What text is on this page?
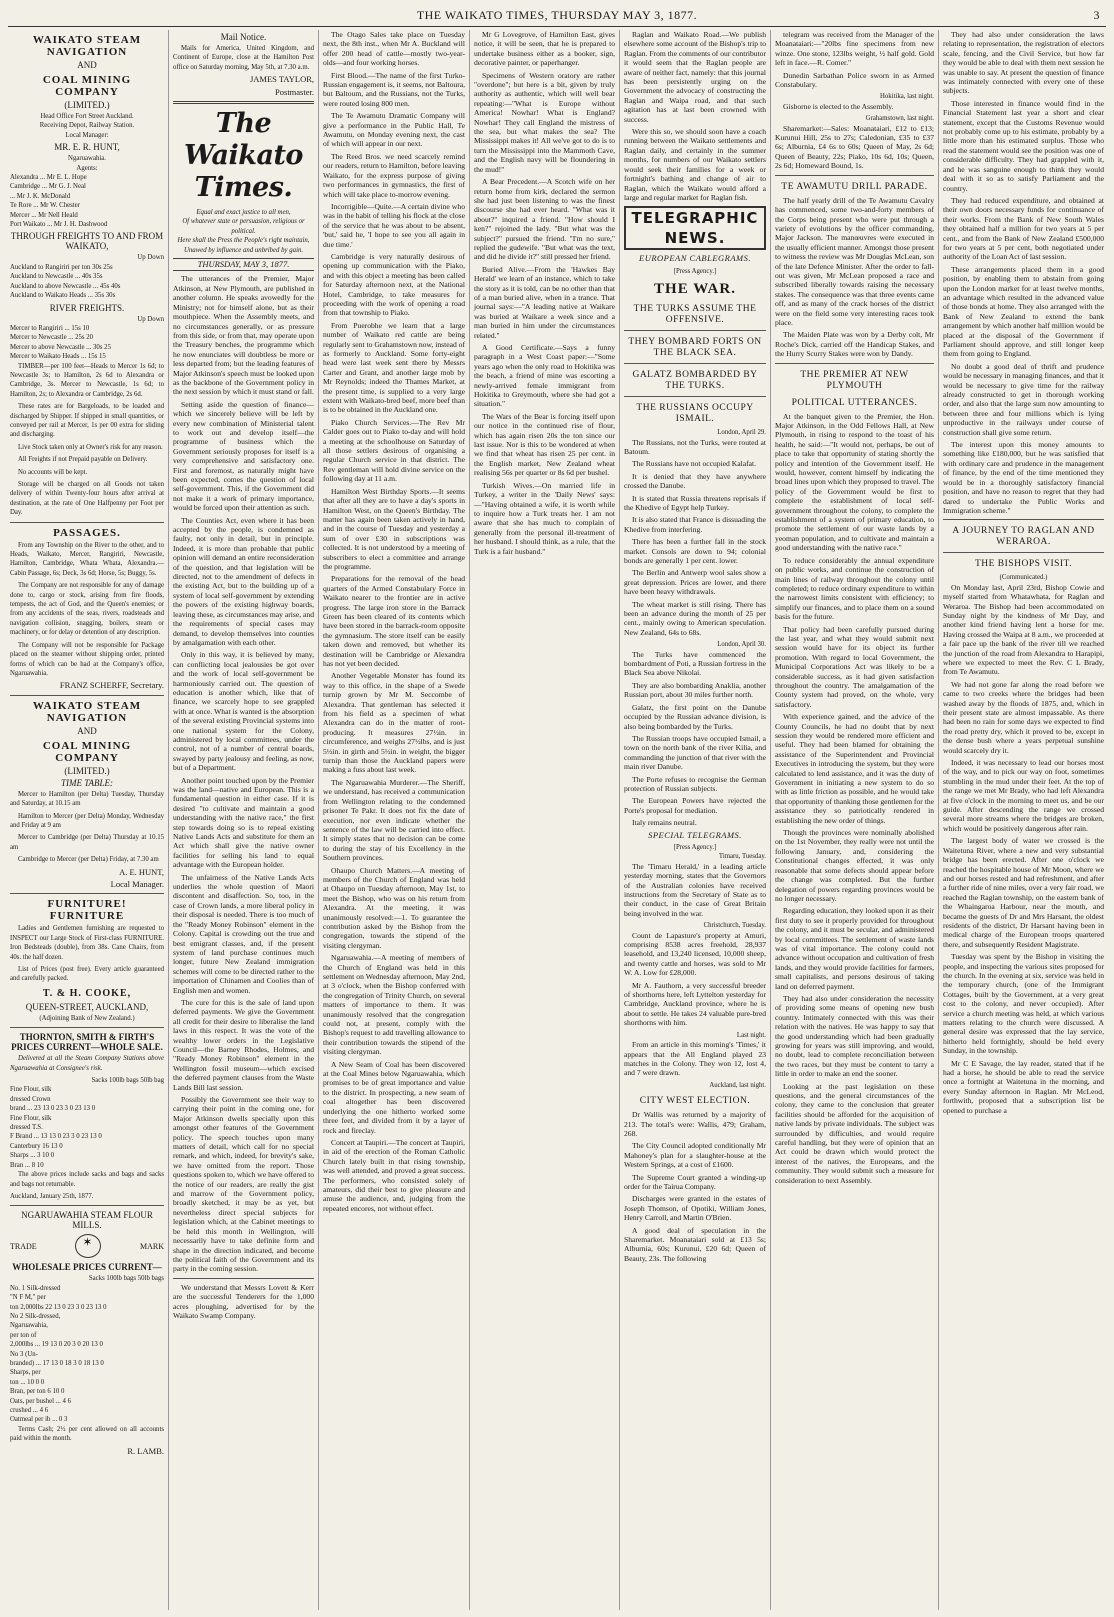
THE WAIKATO TIMES, THURSDAY MAY 3, 1877.	3
WAIKATO STEAM NAVIGATION
AND
COAL MINING COMPANY
(LIMITED.)
Head Office Fort Street Auckland.
Receiving Depot, Railway Station.
Local Manager:
MR. E. R. HUNT,
Ngaruawahia.
Agents:
Alexandra ... Mr E. L. Hope
Cambridge ... Mr G. J. Neal
... Mr J. K. McDonald
Te Rore ... Mr W. Chester
Mercer ... Mr Nell Heald
Port Waikato ... Mr J. H. Dashwood
THROUGH FREIGHTS TO AND FROM WAIKATO,
Up Down
Auckland to Rangiriri per ton 30s 25s
Auckland to Newcastle ... 40s 35s
Auckland to above Newcastle ... 45s 40s
Auckland to Waikato Heads ... 35s 30s
RIVER FREIGHTS.
Up Down
Mercer to Rangiriri ... 15s 10
Mercer to Newcastle ... 25s 20
Mercer to above Newcastle ... 30s 25
Mercer to Waikato Heads ... 15s 15

TIMBER—per 100 feet—Heads to Mercer 1s 6d; to Newcastle 3s; to Hamilton, 2s 6d to Alexandra or Cambridge, 3s. Mercer to Newcastle, 1s 6d; to Hamilton, 2s; to Alexandra or Cambridge, 2s 6d.

These rates are for Bargeloads, to be loaded and discharged by Shipper. If shipped in small quantities, or conveyed per rail at Mercer, 1s per 00 extra for sliding and discharging.

Live Stock taken only at Owner's risk for any reason.

All Freights if not Prepaid payable on Delivery.

No accounts will be kept.

Storage will be charged on all Goods not taken delivery of within Twenty-four hours after arrival at destination, at the rate of One Halfpenny per Foot per Day.

PASSAGES.

From any Township on the River to the other, and to Heads, Waikato, Mercer, Rangiriri, Newcastle, Hamilton, Cambridge, Whata Whata, Alexandra.—Cabin Passage, 6s; Deck, 3s 6d; Horse, 5s; Buggy, 5s.

The Company are not responsible for any of damage done to, cargo or stock, arising from fire floods, tempests, the act of God, and the Queen's enemies; or from any accidents of the seas, rivers, roadsteads and navigation collision, snagging, boilers, steam or machinery, or for delay or detention of any description.

The Company will not be responsible for Package placed on the steamer without shipping order, printed forms of which can be had at the Company's office, Ngaruawahia.

FRANZ SCHERFF, Secretary.
WAIKATO STEAM NAVIGATION
AND
COAL MINING COMPANY
(LIMITED.)
TIME TABLE:

Mercer to Hamilton (per Delta) Tuesday, Thursday and Saturday, at 10.15 am

Hamilton to Mercer (per Delta) Monday, Wednesday and Friday at 9 am

Mercer to Cambridge (per Delta) Thursday at 10.15 am

Cambridge to Mercer (per Delta) Friday, at 7.30 am

A. E. HUNT,
Local Manager.
FURNITURE! FURNITURE

Ladies and Gentlemen furnishing are requested to INSPECT our Large Stock of First-class FURNITURE. Iron Bedsteads (double), from 38s. Cane Chairs, from 40s. the half dozen.

List of Prices (post free). Every article guaranteed and carefully packed.

T. & H. COOKE,
QUEEN-STREET, AUCKLAND,
(Adjoining Bank of New Zealand.)
THORNTON, SMITH & FIRTH'S PRICES CURRENT—WHOLE SALE.

Delivered at all the Steam Company Stations above Ngaruawahia at Consignee's risk.

Sacks 100lb bags 50lb bag
Fine Flour, silk
dressed Crown
brand ... 23 13 0 23 3 0 23 13 0
Fine Flour, silk
dressed T.S.
F Brand ... 13 13 0 23 3 0 23 13 0
Canterbury 16 13 0
Sharps ... 3 10 0
Bran ... 8 10

The above prices include sacks and bags and sacks and bags not returnable.

Auckland, January 25th, 1877.
NGARUAWAHIA STEAM FLOUR MILLS.
TRADE
✶	MARK
WHOLESALE PRICES CURRENT—
Sacks 100lb bags 50lb bags
No. 1 Silk-dressed
"N F M," per
ton 2,000lbs 22 13 0 23 3 0 23 13 0
No 2 Silk-dressed,
Ngaruawahia,
per ton of
2,000lbs ... 19 13 0 20 3 0 20 13 0
No 3 (Un-
branded) ... 17 13 0 18 3 0 18 13 0
Sharps, per
ton ... 10 0 0
Bran, per ton 6 10 0
Oats, per bushel ... 4 6
crushed ... 4 6
Oatmeal per ib ... 0 3

Terms Cash; 2½ per cent allowed on all accounts paid within the month.

R. LAMB.
Mail Notice.

Mails for America, United Kingdom, and Continent of Europe, close at the Hamilton Post office on Saturday morning, May 5th, at 7.30 a.m.

JAMES TAYLOR,
Postmaster.
The Waikato Times.
Equal and exact justice to all men,
Of whatever state or persuasion, religious or political.
Here shall the Press the People's right maintain,
Unawed by influence and unbribed by gain.
THURSDAY, MAY 3, 1877.

The utterances of the Premier, Major Atkinson, at New Plymouth, are published in another column. He speaks avowedly for the Ministry; not for himself alone, but as their mouthpiece. When the Assembly meets, and no circumstances generally, or as pressure from this side, or from that, may operate upon the Treasury benches, the programme which he now enunciates will doubtless be more or less departed from; but the leading features of Major Atkinson's speech must be looked upon as the backbone of the Government policy in the next session by which it must stand or fall.

Setting aside the question of finance—which we sincerely believe will be left by every new combination of Ministerial talent to work out and develop itself—the programme of business which the Government seriously proposes for itself is a very comprehensive and satisfactory one. First and foremost, as naturally might have been expected, comes the question of local self-government. This, if the Government did not make it a work of primary importance, would be forced upon their attention as such.

The Counties Act, even where it has been accepted by the people, is condemned as faulty, not only in detail, but in principle. Indeed, it is more than probable that public opinion will demand an entire reconsideration of the question, and that legislation will be directed, not to the amendment of defects in the existing Act, but to the building up of a system of local self-government by extending the powers of the existing highway boards, leaving these, as circumstances may arise, and the requirements of special cases may demand, to develop themselves into counties by amalgamation with each other.

Only in this way, it is believed by many, can conflicting local jealousies be got over and the work of local self-government be harmoniously carried out. The question of education is another which, like that of finance, we scarcely hope to see grappled with at once. What is wanted is the absorption of the several existing Provincial systems into one national system for the Colony, administered by local committees, under the control, not of a number of central boards, swayed by party jealousy and feeling, as now, but of a Department.

Another point touched upon by the Premier was the land—native and European. This is a fundamental question in either case. If it is desired "to cultivate and maintain a good understanding with the native race," the first step towards doing so is to repeal existing Native Lands Acts and substitute for them an Act which shall give the native owner facilities for selling his land to equal advantage with the European holder.

The unfairness of the Native Lands Acts underlies the whole question of Maori discontent and disaffection. So, too, in the case of Crown lands, a more liberal policy in their disposal is needed. There is too much of the "Ready Money Robinson" element in the Colony. Capital is crowding out the true and best emigrant classes, and, if the present system of land purchase continues much longer, future New Zealand immigration schemes will come to be directed rather to the importation of Chinamen and Coolies than of English men and women.

The cure for this is the sale of land upon deferred payments. We give the Government all credit for their desire to liberalise the land laws in this respect. It was the vote of the wealthy lower orders in the Legislative Council—the Barney Rhodes, Holmes, and "Ready Money Robinson" element in the Wellington fossil museum—which excised the deferred payment clauses from the Waste Lands Bill last session.

Possibly the Government see their way to carrying their point in the coming one, for Major Atkinson dwells specially upon this amongst other features of the Government policy. The speech touches upon many matters of detail, which call for no special remark, and which, indeed, for brevity's sake, we have omitted from the report. Those questions spoken to, which we have offered to the notice of our readers, are really the gist and marrow of the Government policy, broadly sketched, it may be as yet, but nevertheless direct special subjects for legislation which, at the Cabinet meetings to be held this month in Wellington, will necessarily have to take definite form and shape in the direction indicated, and become the political faith of the Government and its party in the coming session.

We understand that Messrs Lovett & Kerr are the successful Tenderers for the 1,000 acres ploughing, advertised for by the Waikato Swamp Company.

The Otago Sales take place on Tuesday next, the 8th inst., when Mr A. Buckland will offer 200 head of cattle—mostly two-year-olds—and four working horses.

First Blood.—The name of the first Turko-Russian engagement is, it seems, not Baltoura, but Baltoum, and the Russians, not the Turks, were routed losing 800 men.

The Te Awamutu Dramatic Company will give a performance in the Public Hall, Te Awamutu, on Monday evening next, the cast of which will appear in our next.

The Reed Bros. we need scarcely remind our readers, return to Hamilton, before leaving Waikato, for the express purpose of giving two performances in gymnastics, the first of which will take place to-morrow evening.

Incorrigible—Quite.—A certain divine who was in the habit of telling his flock at the close of the service that he was about to be absent, 'but,' said he, 'I hope to see you all again in due time.'

Cambridge is very naturally desirous of opening up communication with the Piako, and with this object a meeting has been called for Saturday afternoon next, at the National Hotel, Cambridge, to take measures for proceeding with the work of opening a road from that township to Piako.

From Puerobhe we learn that a large number of Waikato red cattle are being regularly sent to Grahamstown now, instead of as formerly to Auckland. Some forty-eight head were last week sent there by Messrs Carter and Grant, and another large mob by Mr Reynolds; indeed the Thames Market, at the present time, is supplied to a very large extent with Waikato-bred beef, more beef than is to be obtained in the Auckland one.

Piako Church Services.—The Rev Mr Calder goes out to Piako to-day and will hold a meeting at the schoolhouse on Saturday of all those settlers desirous of organising a regular Church service in that district. The Rev gentleman will hold divine service on the following day at 11 a.m.

Hamilton West Birthday Sports.—It seems that after all they are to have a day's sports in Hamilton West, on the Queen's Birthday. The matter has again been taken actively in hand, and in the course of Tuesday and yesterday a sum of over £30 in subscriptions was collected. It is not understood by a meeting of subscribers to elect a committee and arrange the programme.

Preparations for the removal of the head quarters of the Armed Constabulary Force in Waikato nearer to the frontier are in active progress. The large iron store in the Barrack Green has been cleared of its contents which have been stored in the barrack-room opposite the gymnasium. The store itself can be easily taken down and removed, but whether its destination will be Cambridge or Alexandra has not yet been decided.

Another Vegetable Monster has found its way to this office, in the shape of a Swede turnip grown by Mr M. Seccombe of Alexandra. That gentleman has selected it from his field as a specimen of what Alexandra can do in the matter of root-producing. It measures 27½in. in circumference, and weighs 27½lbs, and is just 5½in. in girth and 5½in. in weight, the bigger turnip than those the Auckland papers were making a fuss about last week.

The Ngaruawahia Murderer.—The Sheriff, we understand, has received a communication from Wellington relating to the condemned prisoner Te Pakr. It does not fix the date of execution, nor even indicate whether the sentence of the law will be carried into effect. It simply states that no decision can be come to during the stay of his Excellency in the Southern provinces.

Ohaupo Church Matters.—A meeting of members of the Church of England was held at Ohaupo on Tuesday afternoon, May 1st, to meet the Bishop, who was on his return from Alexandra. At the meeting, it was unanimously resolved:—1. To guarantee the contribution asked by the Bishop from the congregation, towards the stipend of the visiting clergyman.

Ngaruawahia.—A meeting of members of the Church of England was held in this settlement on Wednesday afternoon, May 2nd, at 3 o'clock, when the Bishop conferred with the congregation of Trinity Church, on several matters of importance to them. It was unanimously resolved that the congregation could not, at present, comply with the Bishop's request to add travelling allowance to their contribution towards the stipend of the visiting clergyman.

A New Seam of Coal has been discovered at the Coal Mines below Ngaruawahia, which promises to be of great importance and value to the district. In prospecting, a new seam of coal altogether has been discovered underlying the one hitherto worked some three feet, and divided from it by a layer of rock and fireclay.

Concert at Taupiri.—The concert at Taupiri, in aid of the erection of the Roman Catholic Church lately built in that rising township, was well attended, and proved a great success. The performers, who consisted solely of amateurs, did their best to give pleasure and amuse the audience, and, judging from the repeated encores, not without effect.

Mr G Lovegrove, of Hamilton East, gives notice, it will be seen, that he is prepared to undertake business either as a booker, sign, decorative painter, or paperhanger.

Specimens of Western oratory are rather "overdone"; but here is a bit, given by truly authority as authentic, which will well bear repeating:—"What is Europe without America! Nowhar! What is England? Nowhar! They call England the mistress of the sea, but what makes the sea? The Mississippi makes it! All we've got to do is to turn the Mississippi into the Mammoth Cave, and the English navy will be floundering in the mud!"

A Bear Precedent.—A Scotch wife on her return home from kirk, declared the sermon she had just been listening to was the finest discourse she had ever heard. "What was it about?" inquired a friend. "How should I ken?" rejoined the lady. "But what was the subject?" pursued the friend. "I'm no sure," replied the gudewife. "But what was the text, and did he divide it?" still pressed her friend.

Buried Alive.—From the 'Hawkes Bay Herald' we learn of an instance, which to take the story as it is told, can be no other than that of a man buried alive, when in a trance. That journal says:—"A leading native at Waikare was buried at Waikare a week since and a man buried in him under the circumstances related."

A Good Certificate.—Says a funny paragraph in a West Coast paper:—"Some years ago when the only road to Hokitika was the beach, a friend of mine was escorting a newly-arrived female immigrant from Hokitika to Greymouth, where she had got a situation."

The Wars of the Bear is forcing itself upon our notice in the continued rise of flour, which has again risen 20s the ton since our last issue. Nor is this to be wondered at when we find that wheat has risen 25 per cent. in the English market, New Zealand wheat realising 56s per quarter or 8s 6d per bushel.

Turkish Wives.—On married life in Turkey, a writer in the 'Daily News' says:—"Having obtained a wife, it is worth while to inquire how a Turk treats her. I am not aware that she has much to complain of generally from the personal ill-treatment of her husband. I should think, as a rule, that the Turk is a fair husband."

Raglan and Waikato Road.—We publish elsewhere some account of the Bishop's trip to Raglan. From the comments of our contributor it would seem that the Raglan people are aware of neither fact, namely: that this journal has been persistently urging on the Government the advocacy of constructing the Raglan and Waipa road, and that such agitation has at last been crowned with success.

Were this so, we should soon have a coach running between the Waikato settlements and Raglan daily, and certainly in the summer months, for numbers of our Waikato settlers would seek their families for a week or fortnight's bathing and change of air to Raglan, which the Waikato would afford a large and regular market for Raglan fish.

TELEGRAPHIC NEWS.
EUROPEAN CABLEGRAMS.
[Press Agency.]
THE WAR.
THE TURKS ASSUME THE OFFENSIVE.
THEY BOMBARD FORTS ON THE BLACK SEA.
GALATZ BOMBARDED BY THE TURKS.
THE RUSSIANS OCCUPY ISMAIL.
London, April 29.

The Russians, not the Turks, were routed at Batoum.

The Russians have not occupied Kalafat.

It is denied that they have anywhere crossed the Danube.

It is stated that Russia threatens reprisals if the Khedive of Egypt help Turkey.

It is also stated that France is dissuading the Khedive from interfering.

There has been a further fall in the stock market. Consols are down to 94; colonial bonds are generally 1 per cent. lower.

The Berlin and Antwerp wool sales show a great depression. Prices are lower, and there have been heavy withdrawals.

The wheat market is still rising. There has been an advance during the month of 25 per cent., mainly owing to American speculation. New Zealand, 64s to 68s.

London, April 30.

The Turks have commenced the bombardment of Poti, a Russian fortress in the Black Sea above Nikolai.

They are also bombarding Anaklia, another Russian port, about 30 miles further north.

Galatz, the first point on the Danube occupied by the Russian advance division, is also being bombarded by the Turks.

The Russian troops have occupied Ismail, a town on the north bank of the river Kilia, and commanding the junction of that river with the main river Danube.

The Porte refuses to recognise the German protection of Russian subjects.

The European Powers have rejected the Porte's proposal for mediation.

Italy remains neutral.

SPECIAL TELEGRAMS.
[Press Agency.]
Timaru, Tuesday.

The 'Timaru Herald,' in a leading article yesterday morning, states that the Governors of the Australian colonies have received instructions from the Secretary of State as to their conduct, in the case of Great Britain being involved in the war.

Christchurch, Tuesday.

Count de Lapasture's property at Amuri, comprising 8538 acres freehold, 28,937 leasehold, and 13,240 licensed, 10,000 sheep, and twenty cattle and horses, was sold to Mr W. A. Low for £28,000.

Mr A. Fauthorn, a very successful breeder of shorthorns here, left Lyttelton yesterday for Cambridge, Auckland province, where he is about to settle. He takes 24 valuable pure-bred shorthorns with him.

Last night.

From an article in this morning's 'Times,' it appears that the All England played 23 matches in the Colony. They won 12, lost 4, and 7 were drawn.

Auckland, last night.
CITY WEST ELECTION.

Dr Wallis was returned by a majority of 213. The total's were: Wallis, 479; Graham, 268.

The City Council adopted conditionally Mr Mahoney's plan for a slaughter-house at the Western Springs, at a cost of £1600.

The Supreme Court granted a winding-up order for the Tairua Company.

Discharges were granted in the estates of Joseph Thomson, of Opotiki, William Jones, Henry Carroll, and Martin O'Brien.

A good deal of speculation in the Sharemarket. Moanataiari sold at £13 5s; Alburnia, 60s; Kurunui, £20 6d; Queen of Beauty, 23s. The following

telegram was received from the Manager of the Moanataiari:—"20lbs fine specimens from new winze. One stone, 123lbs weight, ½ half gold. Gold left in face.—R. Comer."

Dunedin Sarbathan Police sworn in as Armed Constabulary.

Hokitika, last night.

Gisborne is elected to the Assembly.

Grahamstown, last night.

Sharemarket:—Sales: Moanataiari, £12 to £13; Kurunui Hill, 25s to 27s; Caledonian, £35 to £37 6s; Alburnia, £4 6s to 60s; Queen of May, 2s 6d; Queen of Beauty, 22s; Piako, 10s 6d, 10s; Queen, 2s 6d; Homeward Bound, 1s.

TE AWAMUTU DRILL PARADE.

The half yearly drill of the Te Awamutu Cavalry has commenced, some two-and-forty members of the Corps being present who were put through a variety of evolutions by the officer commanding, Major Jackson. The manœuvres were executed in the usually efficient manner. Amongst those present to witness the review was Mr Douglas McLean, son of the late Defence Minister. After the order to fall-out was given, Mr McLean proposed a race and subscribed liberally towards raising the necessary stakes. The consequence was that three events came off, and as many of the crack horses of the district were on the field some very interesting races took place.

The Maiden Plate was won by a Derby colt, Mr Roche's Dick, carried off the Handicap Stakes, and the Hurry Scurry Stakes were won by Dandy.

THE PREMIER AT NEW PLYMOUTH
POLITICAL UTTERANCES.

At the banquet given to the Premier, the Hon. Major Atkinson, in the Odd Fellows Hall, at New Plymouth, in rising to respond to the toast of his health, he said:—"It would not, perhaps, be out of place to take that opportunity of stating shortly the policy and intention of the Government itself. He would, however, content himself by indicating the broad lines upon which they proposed to travel. The policy of the Government would be first to complete the establishment of local self-government throughout the colony, to complete the establishment of a system of primary education, to promote the settlement of our waste lands by a yeoman population, and to cultivate and maintain a good understanding with the native race."

To reduce considerably the annual expenditure on public works, and continue the construction of main lines of railway throughout the colony until completed; to reduce ordinary expenditure to within the narrowest limits consistent with efficiency; to simplify our finances, and to place them on a sound basis for the future.

That policy had been carefully pursued during the last year, and what they would submit next session would have for its object its further promotion. With regard to local Government, the Municipal Corporations Act was likely to be a considerable success, as it had given satisfaction throughout the country. The amalgamation of the County system had proved, on the whole, very satisfactory.

With experience gained, and the advice of the County Councils, he had no doubt that by next session they would be rendered more efficient and useful. They had been blamed for obtaining the assistance of the Superintendent and Provincial Executives in introducing the system, but they were calculated to lend assistance, and it was the duty of Government in initiating a new system to do so with as little friction as possible, and he would take that opportunity of thanking those gentlemen for the assistance they so patriotically rendered in establishing the new order of things.

Though the provinces were nominally abolished on the 1st November, they really were not until the following January, and, considering the Constitutional changes effected, it was only reasonable that some defects should appear before the change was completed. But the further delegation of powers regarding provinces would be no longer necessary.

Regarding education, they looked upon it as their first duty to see it properly provided for throughout the colony, and it must be secular, and administered by local committees. The settlement of waste lands was of vital importance. The colony could not advance without occupation and cultivation of fresh lands, and they would provide facilities for farmers, small capitalists, and persons desirous of taking land on deferred payment.

They had also under consideration the necessity of providing some means of opening new bush country. Intimately connected with this was their relation with the natives. He was happy to say that the good understanding which had been gradually growing for years was still improving, and would, no doubt, lead to complete reconciliation between the two races, but they must be content to tarry a little in order to make an end the sooner.

Looking at the past legislation on these questions, and the general circumstances of the colony, they came to the conclusion that greater facilities should be afforded for the acquisition of native lands by private individuals. The subject was surrounded by difficulties, and would require careful handling, but they were of opinion that an Act could be drawn which would protect the interest of the natives, the Europeans, and the community. They would submit such a measure for consideration to next Assembly.

They had also under consideration the laws relating to representation, the registration of electors scale, fencing, and the Civil Service, but how far they would be able to deal with them next session he was unable to say. At present the question of finance was intimately connected with every one of these subjects.

Those interested in finance would find in the Financial Statement last year a short and clear statement, except that the Customs Revenue would not probably come up to his estimate, probably by a little more than his estimated surplus. Those who read the statement would see the position was one of considerable difficulty. They had grappled with it, and he was sanguine enough to think they would deal with it so as to satisfy Parliament and the country.

They had reduced expenditure, and obtained at their own doors necessary funds for continuance of their works. From the Bank of New South Wales they obtained half a million for two years at 5 per cent., and from the Bank of New Zealand £500,000 for two years at 5 per cent, both negotiated under authority of the Loan Act of last session.

These arrangements placed them in a good position, by enabling them to abstain from going upon the London market for at least twelve months, an advantage which resulted in the advanced value of those bonds at home. They also arranged with the Bank of New Zealand to extend the bank arrangement by which another half million would be placed at the disposal of the Government if Parliament should approve, and still longer keep them from going to England.

No doubt a good deal of thrift and prudence would be necessary in managing finances, and that it would be necessary to give time for the railway already constructed to get in thorough working order, and also that the large sum now amounting to between three and four millions which is lying unproductive in the railways under course of construction shall give some return.

The interest upon this money amounts to something like £180,000, but he was satisfied that with ordinary care and prudence in the management of finance, by the end of the time mentioned they would be in a thoroughly satisfactory financial position, and have no reason to regret that they had dared to undertake the Public Works and Immigration scheme."

A JOURNEY TO RAGLAN AND WERAROA.
THE BISHOPS VISIT.
(Communicated.)

On Monday last, April 23rd, Bishop Cowie and myself started from Whatawhata, for Raglan and Weraroa. The Bishop had been accommodated on Sunday night by the kindness of Mr Day, and another kind friend having lent a horse for me. Having crossed the Waipa at 8 a.m., we proceeded at a fair pace up the bank of the river till we reached the junction of the road from Alexandra to Harapipi, where we expected to meet the Rev. C L Brady, from Te Awamutu.

We had not gone far along the road before we came to two creeks where the bridges had been washed away by the floods of 1875, and, which in their present state are almost impassable. As there had been no rain for some days we expected to find the road pretty dry, which it proved to be, except in the dense bush where a years perpetual sunshine would scarcely dry it.

Indeed, it was necessary to lead our horses most of the way, and to pick our way on foot, sometimes stumbling in the mud under their feet. At the top of the range we met Mr Brady, who had left Alexandra at five o'clock in the morning to meet us, and be our guide. After descending the range we crossed several more streams where the bridges are broken, which would be positively dangerous after rain.

The largest body of water we crossed is the Waitetuna River, where a new and very substantial bridge has been erected. After one o'clock we reached the hospitable house of Mr Moon, where we and our horses rested and had refreshment, and after a further ride of nine miles, over a very fair road, we reached the Raglan township, on the eastern bank of the Whaingaroa Harbour, near the mouth, and became the guests of Dr and Mrs Harsant, the oldest residents of the district, Dr Harsant having been in medical charge of the European troops quartered there, and subsequently Resident Magistrate.

Tuesday was spent by the Bishop in visiting the people, and inspecting the various sites proposed for the church. In the evening at six, service was held in the temporary church, (one of the Immigrant Cottages, built by the Government, at a very great cost to the colony, and never occupied). After service a church meeting was held, at which various matters relating to the church were discussed. A general desire was expressed that the lay service, hitherto held fortnightly, should be held every Sunday, in the township.

Mr C E Savage, the lay reader, stated that if he had a horse, he should be able to read the service once a fortnight at Waitetuna in the morning, and every Sunday afternoon in Raglan. Mr McLeod, forthwith, proposed that a subscription list be opened to purchase a
